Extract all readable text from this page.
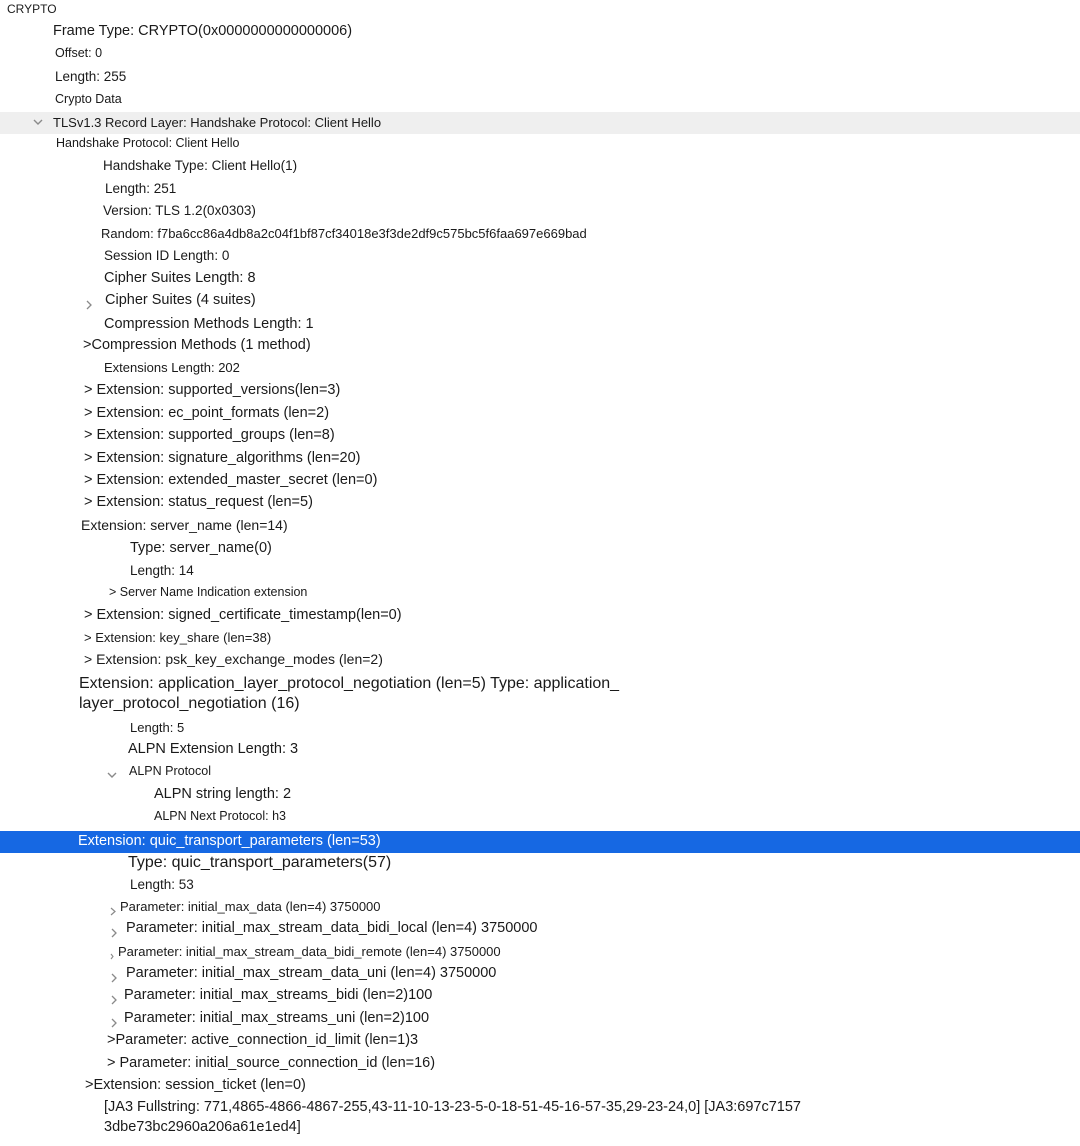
CRYPTO
Frame Type: CRYPTO(0x0000000000000006)
Offset: 0
Length: 255
Crypto Data
TLSv1.3 Record Layer: Handshake Protocol: Client Hello
Handshake Protocol: Client Hello
Handshake Type: Client Hello(1)
Length: 251
Version: TLS 1.2(0x0303)
Random: f7ba6cc86a4db8a2c04f1bf87cf34018e3f3de2df9c575bc5f6faa697e669bad
Session ID Length: 0
Cipher Suites Length: 8
Cipher Suites (4 suites)
Compression Methods Length: 1
>Compression Methods (1 method)
Extensions Length: 202
> Extension: supported_versions(len=3)
> Extension: ec_point_formats (len=2)
> Extension: supported_groups (len=8)
> Extension: signature_algorithms (len=20)
> Extension: extended_master_secret (len=0)
> Extension: status_request (len=5)
Extension: server_name (len=14)
Type: server_name(0)
Length: 14
> Server Name Indication extension
> Extension: signed_certificate_timestamp(len=0)
> Extension: key_share (len=38)
> Extension: psk_key_exchange_modes (len=2)
Extension: application_layer_protocol_negotiation (len=5) Type: application_
layer_protocol_negotiation (16)
Length: 5
ALPN Extension Length: 3
ALPN Protocol
ALPN string length: 2
ALPN Next Protocol: h3
Extension: quic_transport_parameters (len=53)
Type: quic_transport_parameters(57)
Length: 53
Parameter: initial_max_data (len=4) 3750000
Parameter: initial_max_stream_data_bidi_local (len=4) 3750000
Parameter: initial_max_stream_data_bidi_remote (len=4) 3750000
Parameter: initial_max_stream_data_uni (len=4) 3750000
Parameter: initial_max_streams_bidi (len=2)100
Parameter: initial_max_streams_uni (len=2)100
>Parameter: active_connection_id_limit (len=1)3
> Parameter: initial_source_connection_id (len=16)
>Extension: session_ticket (len=0)
[JA3 Fullstring: 771,4865-4866-4867-255,43-11-10-13-23-5-0-18-51-45-16-57-35,29-23-24,0] [JA3:697c7157
3dbe73bc2960a206a61e1ed4]
